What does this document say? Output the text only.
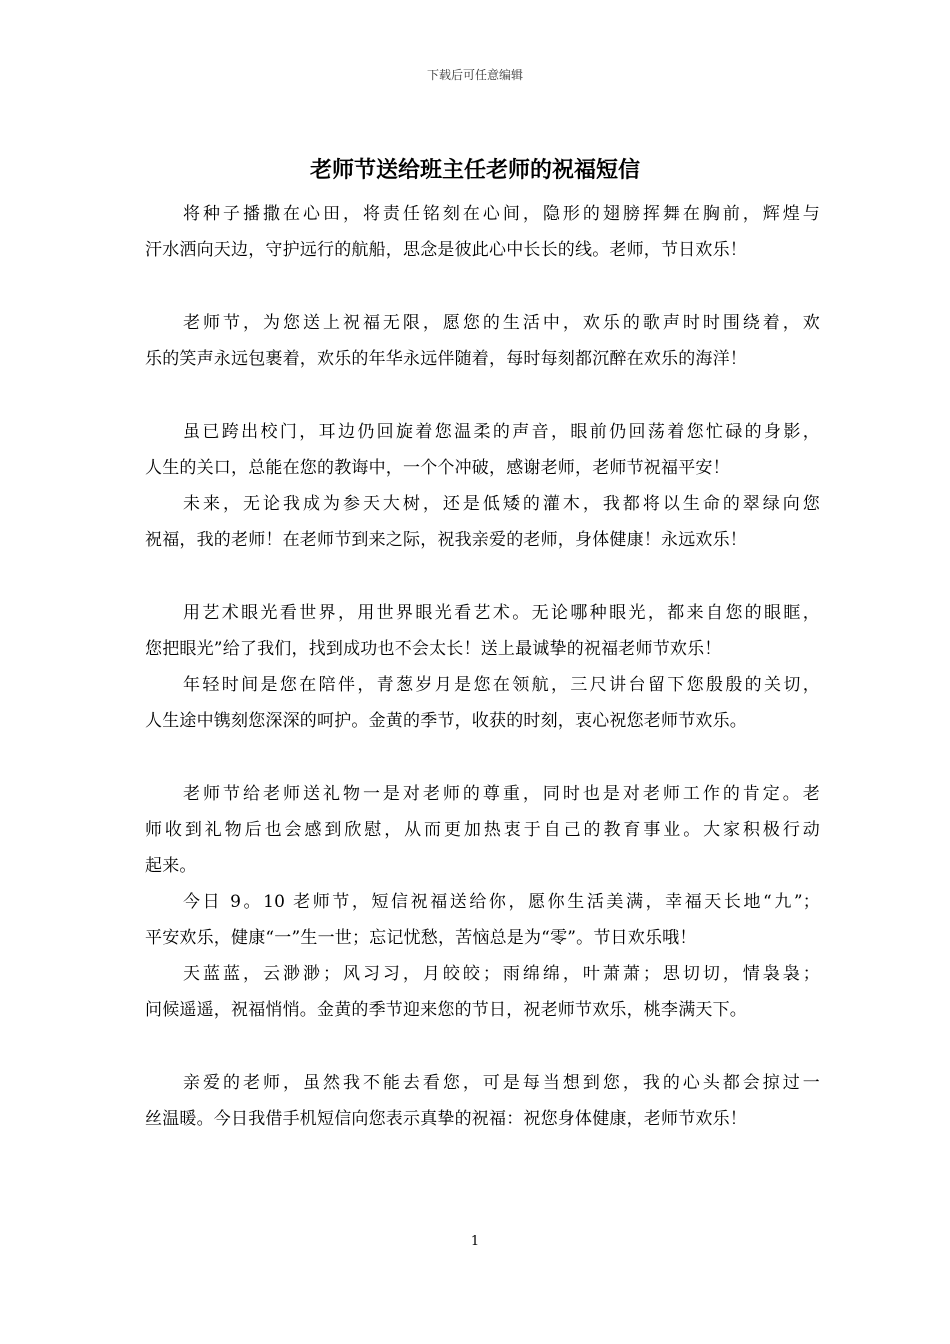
下载后可任意编辑
老师节送给班主任老师的祝福短信
将种子播撒在心田，将责任铭刻在心间，隐形的翅膀挥舞在胸前，辉煌与
汗水洒向天边，守护远行的航船，思念是彼此心中长长的线。老师，节日欢乐！
老师节，为您送上祝福无限，愿您的生活中，欢乐的歌声时时围绕着，欢
乐的笑声永远包裹着，欢乐的年华永远伴随着，每时每刻都沉醉在欢乐的海洋！
虽已跨出校门，耳边仍回旋着您温柔的声音，眼前仍回荡着您忙碌的身影，
人生的关口，总能在您的教诲中，一个个冲破，感谢老师，老师节祝福平安！
未来，无论我成为参天大树，还是低矮的灌木，我都将以生命的翠绿向您
祝福，我的老师！在老师节到来之际，祝我亲爱的老师，身体健康！永远欢乐！
用艺术眼光看世界，用世界眼光看艺术。无论哪种眼光，都来自您的眼眶，
您把眼光”给了我们，找到成功也不会太长！送上最诚挚的祝福老师节欢乐！
年轻时间是您在陪伴，青葱岁月是您在领航，三尺讲台留下您殷殷的关切，
人生途中镌刻您深深的呵护。金黄的季节，收获的时刻，衷心祝您老师节欢乐。
老师节给老师送礼物一是对老师的尊重，同时也是对老师工作的肯定。老
师收到礼物后也会感到欣慰，从而更加热衷于自己的教育事业。大家积极行动
起来。
今日 9。10 老师节，短信祝福送给你，愿你生活美满，幸福天长地“九”；
平安欢乐，健康“一”生一世；忘记忧愁，苦恼总是为“零”。节日欢乐哦！
天蓝蓝，云渺渺；风习习，月皎皎；雨绵绵，叶萧萧；思切切，情袅袅；
问候遥遥，祝福悄悄。金黄的季节迎来您的节日，祝老师节欢乐，桃李满天下。
亲爱的老师，虽然我不能去看您，可是每当想到您，我的心头都会掠过一
丝温暖。今日我借手机短信向您表示真挚的祝福：祝您身体健康，老师节欢乐！
1
